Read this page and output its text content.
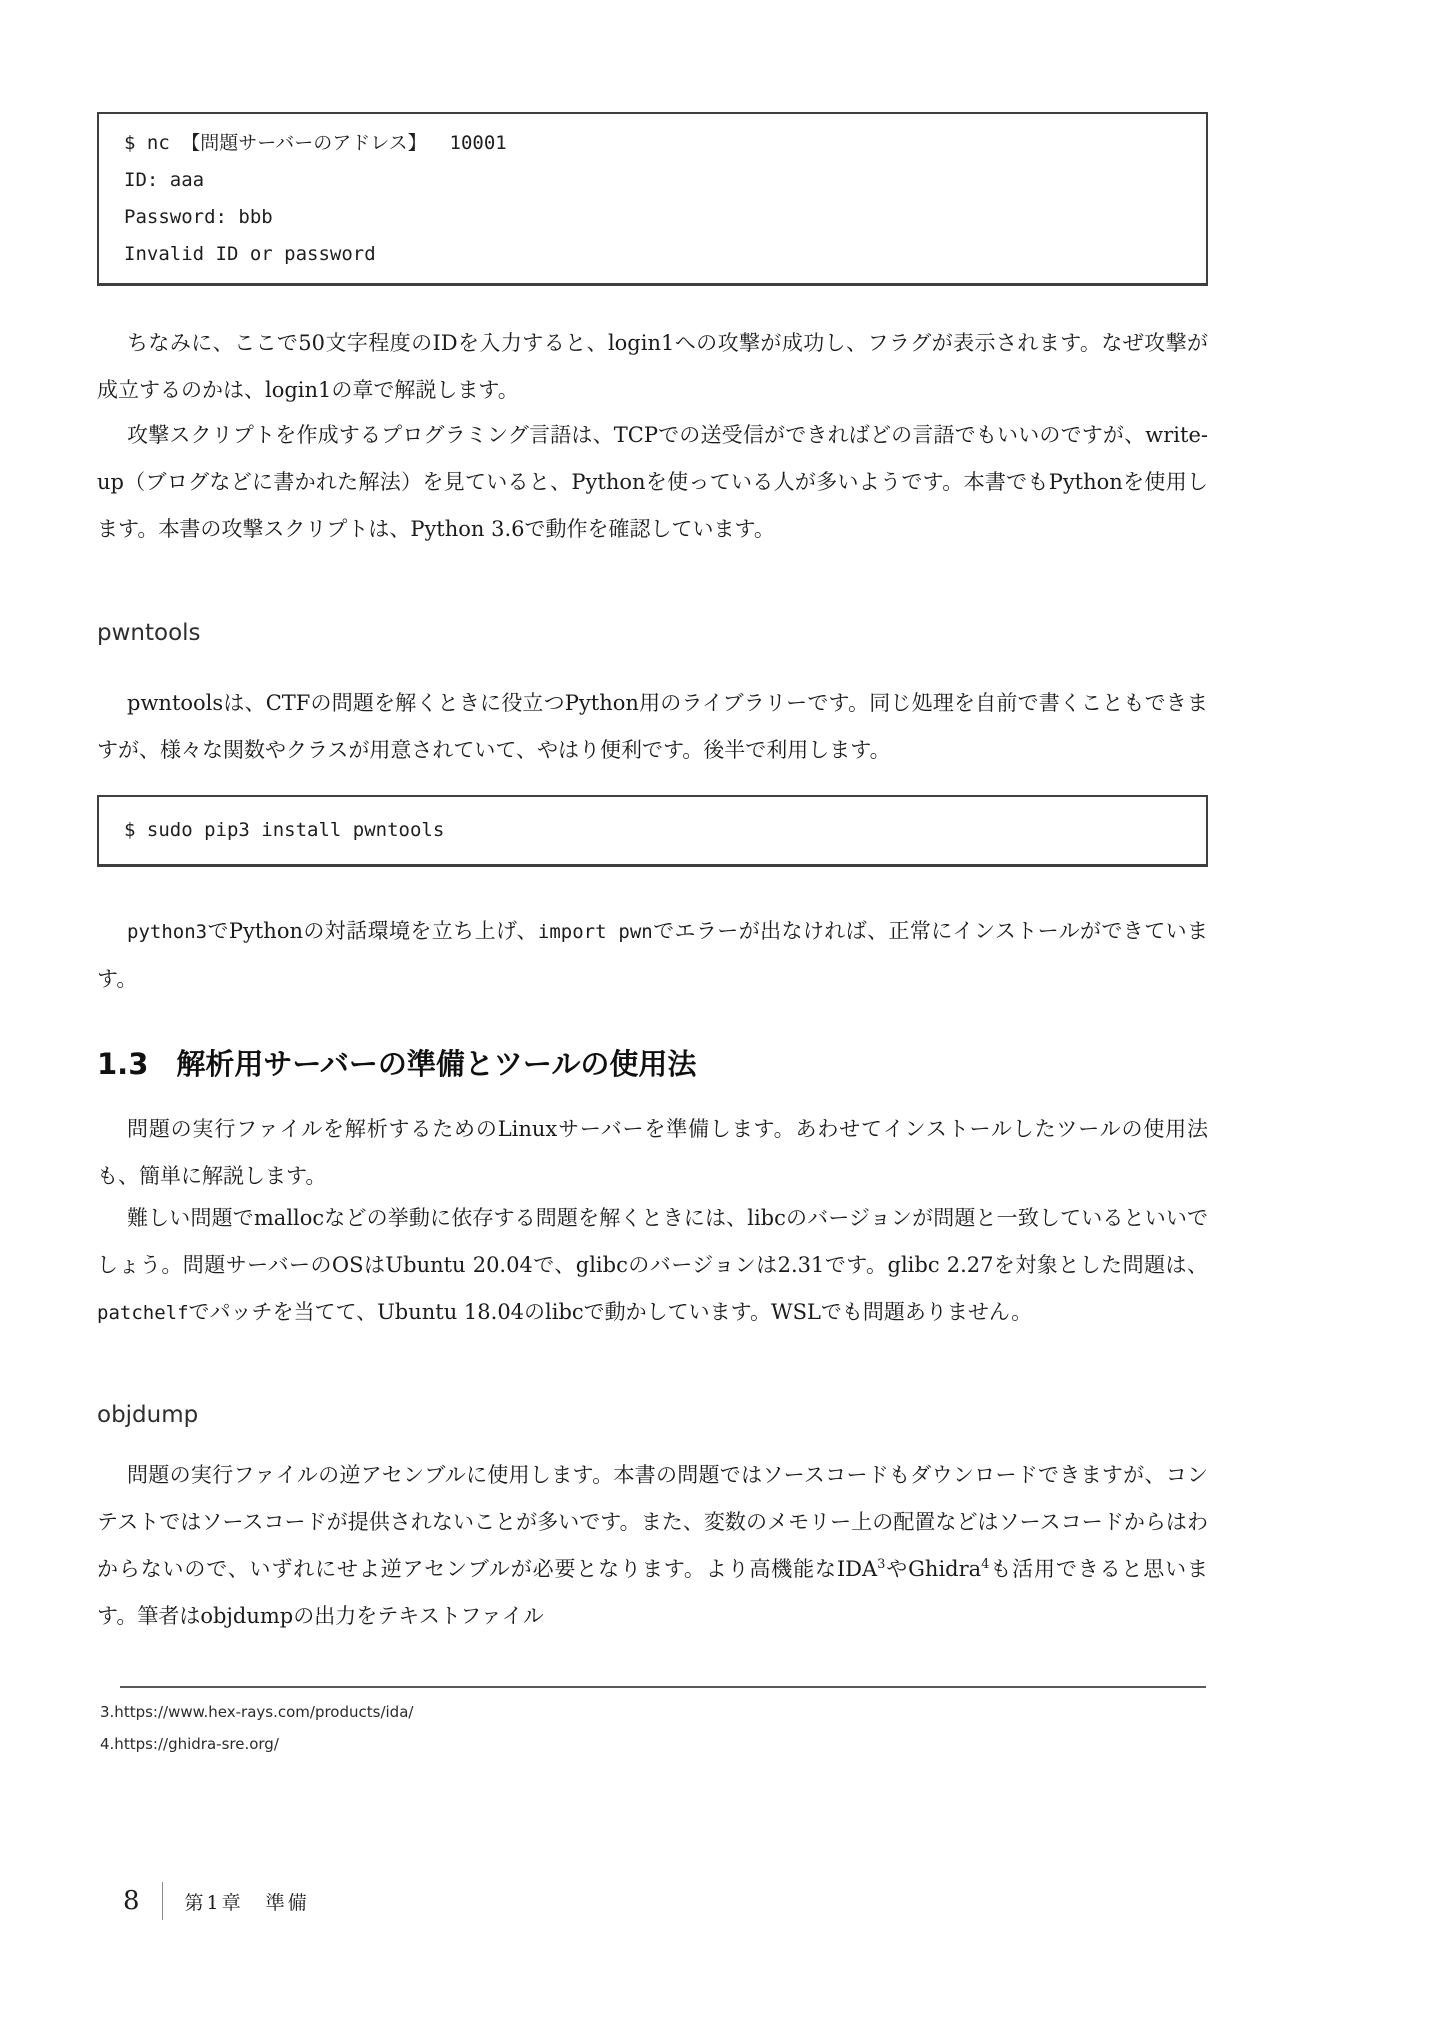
$ nc 【問題サーバーのアドレス】  10001
ID: aaa
Password: bbb
Invalid ID or password

ちなみに、ここで50文字程度のIDを入力すると、login1への攻撃が成功し、フラグが表示されます。なぜ攻撃が成立するのかは、login1の章で解説します。

攻撃スクリプトを作成するプログラミング言語は、TCPでの送受信ができればどの言語でもいいのですが、write-up（ブログなどに書かれた解法）を見ていると、Pythonを使っている人が多いようです。本書でもPythonを使用します。本書の攻撃スクリプトは、Python 3.6で動作を確認しています。

pwntools

pwntoolsは、CTFの問題を解くときに役立つPython用のライブラリーです。同じ処理を自前で書くこともできますが、様々な関数やクラスが用意されていて、やはり便利です。後半で利用します。

$ sudo pip3 install pwntools

python3でPythonの対話環境を立ち上げ、import pwnでエラーが出なければ、正常にインストールができています。

1.3 解析用サーバーの準備とツールの使用法

問題の実行ファイルを解析するためのLinuxサーバーを準備します。あわせてインストールしたツールの使用法も、簡単に解説します。

難しい問題でmallocなどの挙動に依存する問題を解くときには、libcのバージョンが問題と一致しているといいでしょう。問題サーバーのOSはUbuntu 20.04で、glibcのバージョンは2.31です。glibc 2.27を対象とした問題は、patchelfでパッチを当てて、Ubuntu 18.04のlibcで動かしています。WSLでも問題ありません。

objdump

問題の実行ファイルの逆アセンブルに使用します。本書の問題ではソースコードもダウンロードできますが、コンテストではソースコードが提供されないことが多いです。また、変数のメモリー上の配置などはソースコードからはわからないので、いずれにせよ逆アセンブルが必要となります。より高機能なIDA$^3$やGhidra$^4$も活用できると思います。筆者はobjdumpの出力をテキストファイル

3.https://www.hex-rays.com/products/ida/
4.https://ghidra-sre.org/
8 第1章　準備
